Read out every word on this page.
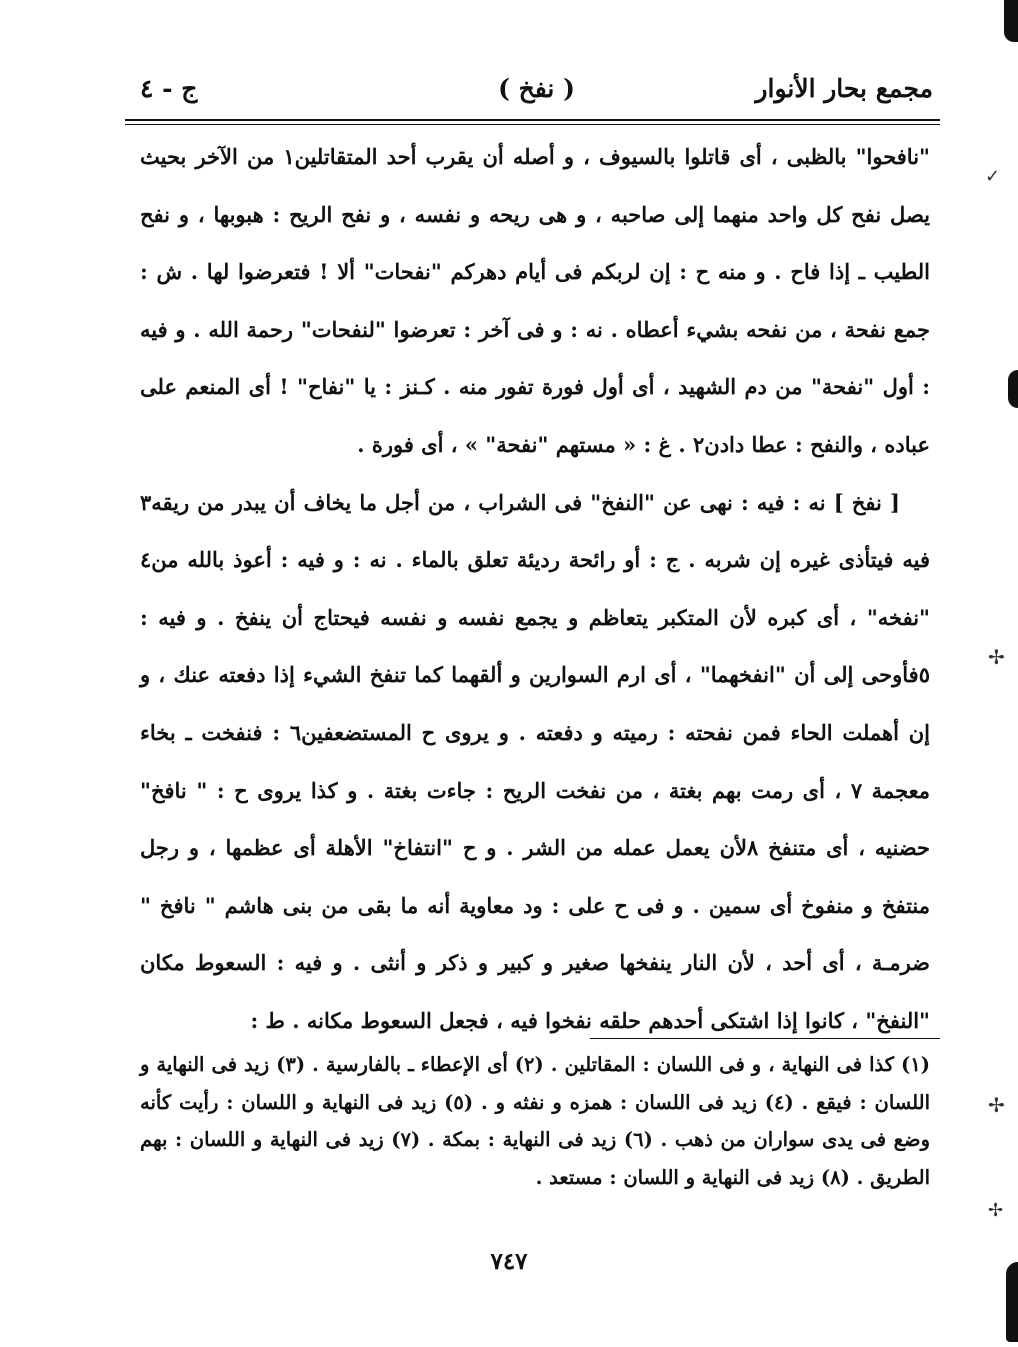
مجمع بحار الأنوار
( نفخ )
ج - ٤

"نافحوا" بالظبى ، أى قاتلوا بالسيوف ، و أصله أن يقرب أحد المتقاتلين١ من الآخر بحيث يصل نفح كل واحد منهما إلى صاحبه ، و هى ريحه و نفسه ، و نفح الريح : هبوبها ، و نفح الطيب ـ إذا فاح . و منه ح : إن لربكم فى أيام دهركم "نفحات" ألا ! فتعرضوا لها . ش : جمع نفحة ، من نفحه بشيء أعطاه . نه : و فى آخر : تعرضوا "لنفحات" رحمة الله . و فيه : أول "نفحة" من دم الشهيد ، أى أول فورة تفور منه . كـنز : يا "نفاح" ! أى المنعم على عباده ، والنفح : عطا دادن٢ . غ : « مستهم "نفحة" » ، أى فورة .

[ نفخ ] نه : فيه : نهى عن "النفخ" فى الشراب ، من أجل ما يخاف أن يبدر من ريقه٣ فيه فيتأذى غيره إن شربه . ج : أو رائحة رديئة تعلق بالماء . نه : و فيه : أعوذ بالله من٤ "نفخه" ، أى كبره لأن المتكبر يتعاظم و يجمع نفسه و نفسه فيحتاج أن ينفخ . و فيه : ٥فأوحى إلى أن "انفخهما" ، أى ارم السوارين و ألقهما كما تنفخ الشيء إذا دفعته عنك ، و إن أهملت الحاء فمن نفحته : رميته و دفعته . و يروى ح المستضعفين٦ : فنفخت ـ بخاء معجمة ٧ ، أى رمت بهم بغتة ، من نفخت الريح : جاءت بغتة . و كذا يروى ح : " نافخ" حضنيه ، أى متنفخ ٨لأن يعمل عمله من الشر . و ح "انتفاخ" الأهلة أى عظمها ، و رجل منتفخ و منفوخ أى سمين . و فى ح على : ود معاوية أنه ما بقى من بنى هاشم " نافخ " ضرمـة ، أى أحد ، لأن النار ينفخها صغير و كبير و ذكر و أنثى . و فيه : السعوط مكان "النفخ" ، كانوا إذا اشتكى أحدهم حلقه نفخوا فيه ، فجعل السعوط مكانه . ط :

(١) كذا فى النهاية ، و فى اللسان : المقاتلين . (٢) أى الإعطاء ـ بالفارسية . (٣) زيد فى النهاية و اللسان : فيقع . (٤) زيد فى اللسان : همزه و نفثه و . (٥) زيد فى النهاية و اللسان : رأيت كأنه وضع فى يدى سواران من ذهب . (٦) زيد فى النهاية : بمكة . (٧) زيد فى النهاية و اللسان : بهم الطريق . (٨) زيد فى النهاية و اللسان : مستعد .

٧٤٧
✓
✢
✢
✢
